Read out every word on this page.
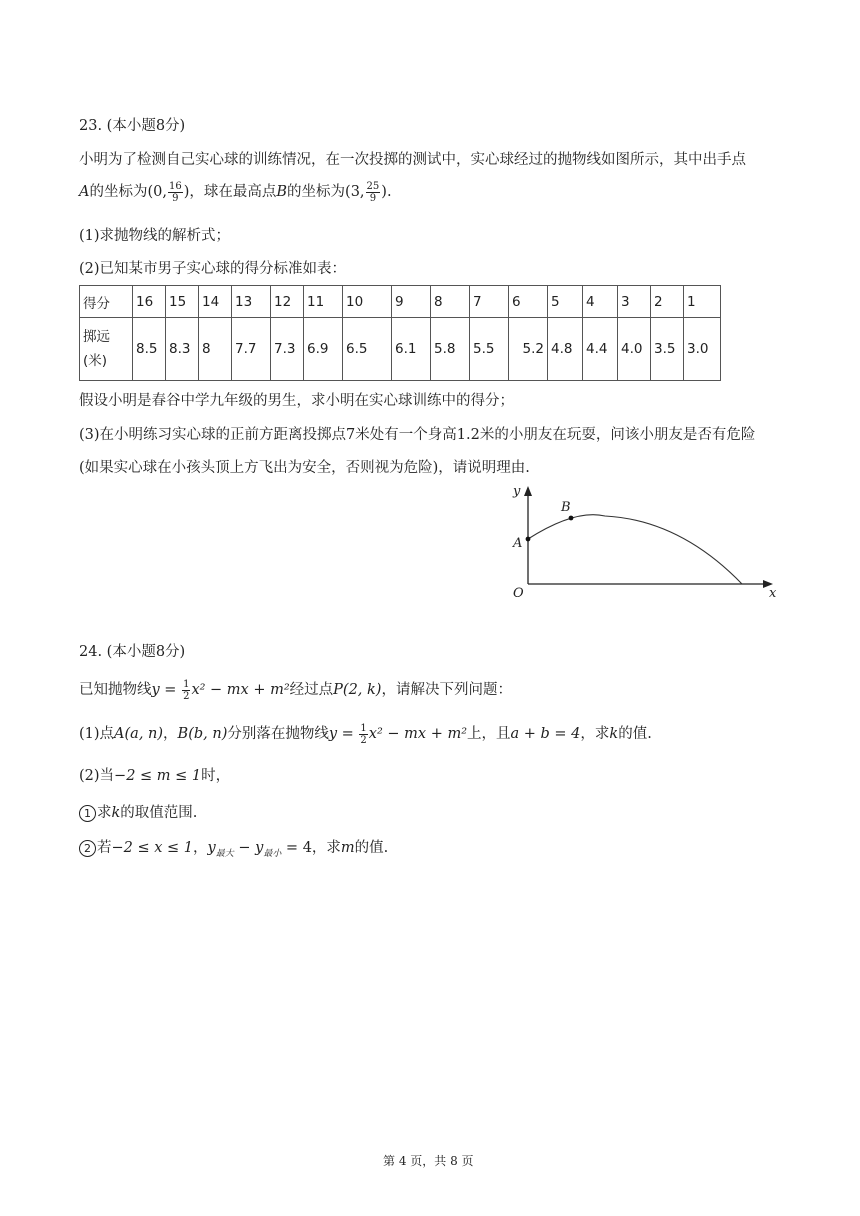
23. (本小题8分)
小明为了检测自己实心球的训练情况，在一次投掷的测试中，实心球经过的抛物线如图所示，其中出手点
A的坐标为(0, $\frac{16}{9}$ )，球在最高点B的坐标为(3, $\frac{25}{9}$ ).
(1)求抛物线的解析式；
(2)已知某市男子实心球的得分标准如表：
得分	16	15	14	13	12	11	10	9	8	7	6	5	4	3	2	1
掷远(米)	8.5	8.3	8	7.7	7.3	6.9	6.5	6.1	5.8	5.5	5.2	4.8	4.4	4.0	3.5	3.0
假设小明是春谷中学九年级的男生，求小明在实心球训练中的得分；
(3)在小明练习实心球的正前方距离投掷点7米处有一个身高1.2米的小朋友在玩耍，问该小朋友是否有危险
(如果实心球在小孩头顶上方飞出为安全，否则视为危险)，请说明理由.
y
x
O
A
B
24. (本小题8分)
已知抛物线$y = \frac{1}{2} x^2$ − mx + m²经过点P(2, k)，请解决下列问题：
(1)点A(a, n)，B(b, n)分别落在抛物线$y = \frac{1}{2} x^2$ − mx + m²上，且a + b = 4，求k的值.
(2)当−2 ≤ m ≤ 1时，
1 求k的取值范围.
2 若−2 ≤ x ≤ 1，$y_{最大} - y_{最小} = 4$，求m的值.
第 4 页，共 8 页
